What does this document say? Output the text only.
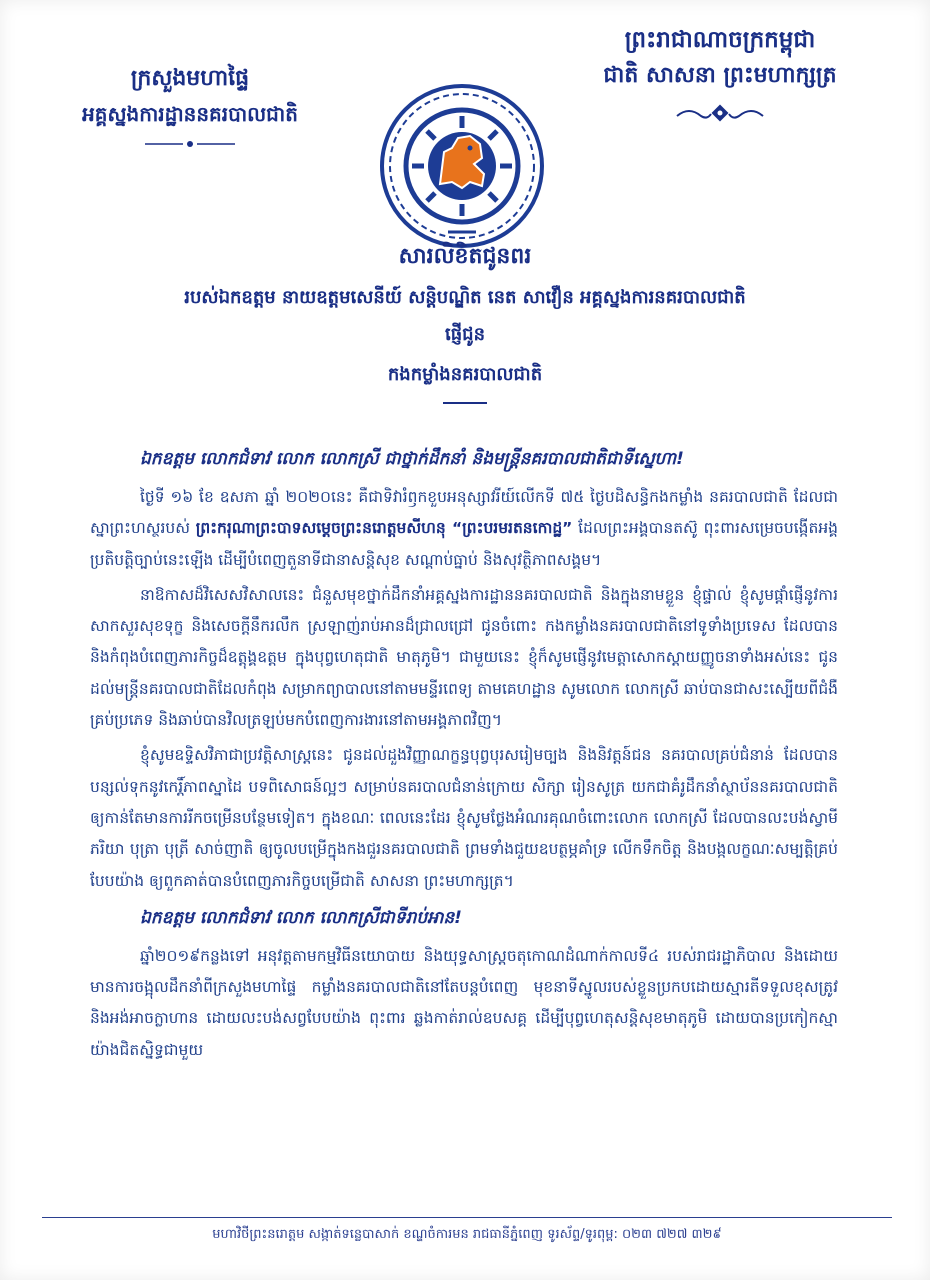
ក្រសួងមហាផ្ទៃ
អគ្គស្នងការដ្ឋាននគរបាលជាតិ
ព្រះរាជាណាចក្រកម្ពុជា
ជាតិ សាសនា ព្រះមហាក្សត្រ
សារលិខិតជូនពរ
របស់ឯកឧត្តម នាយឧត្តមសេនីយ៍ សន្តិបណ្ឌិត នេត សាវឿន អគ្គស្នងការនគរបាលជាតិ
ផ្ញើជូន
កងកម្លាំងនគរបាលជាតិ
ឯកឧត្តម លោកជំទាវ លោក លោកស្រី ជាថ្នាក់ដឹកនាំ និងមន្ត្រីនគរបាលជាតិជាទីស្នេហា!

ថ្ងៃទី ១៦ ខែ ឧសភា ឆ្នាំ ២០២០នេះ គឺជាទិវារំឭកខួបអនុស្សាវរីយ៍លើកទី ៧៥ ថ្ងៃបដិសន្ធិកងកម្លាំង នគរបាលជាតិ ដែលជាស្នាព្រះហស្ថរបស់ ព្រះករុណាព្រះបាទសម្តេចព្រះនរោត្តមសីហនុ “ព្រះបរមរតនកោដ្ឋ” ដែលព្រះអង្គបានតស៊ូ ពុះពារសម្រេចបង្កើតអង្គប្រតិបត្តិច្បាប់នេះឡើង ដើម្បីបំពេញតួនាទីជានាសន្តិសុខ សណ្តាប់ធ្នាប់ និងសុវត្ថិភាពសង្គម។

នាឱកាសដ៏វិសេសវិសាលនេះ ជំនួសមុខថ្នាក់ដឹកនាំអគ្គស្នងការដ្ឋាននគរបាលជាតិ និងក្នុងនាមខ្លួន ខ្ញុំផ្ទាល់ ខ្ញុំសូមផ្តាំផ្ញើនូវការសាកសួរសុខទុក្ខ និងសេចក្តីនឹករលឹក ស្រឡាញ់រាប់អានដ៏ជ្រាលជ្រៅ ជូនចំពោះ កងកម្លាំងនគរបាលជាតិនៅទូទាំងប្រទេស ដែលបាននិងកំពុងបំពេញភារកិច្ចដ៏ឧត្តុង្គឧត្តម ក្នុងបុព្វហេតុជាតិ មាតុភូមិ។ ជាមួយនេះ ខ្ញុំក៏សូមផ្ញើនូវមេត្តាសោកស្តាយញ្ញូចនាទាំងអស់នេះ ជូនដល់មន្ត្រីនគរបាលជាតិដែលកំពុង សម្រាកព្យាបាលនៅតាមមន្ទីរពេទ្យ តាមគេហដ្ឋាន សូមលោក លោកស្រី ឆាប់បានជាសះស្បើយពីជំងឺគ្រប់ប្រភេទ និងឆាប់បានវិលត្រឡប់មកបំពេញការងារនៅតាមអង្គភាពវិញ។

ខ្ញុំសូមឧទ្ទិសវិភាជាប្រវត្តិសាស្ត្រនេះ ជូនដល់ដួងវិញ្ញាណក្ខន្ធបុព្វបុរសរៀមច្បង និងនិវត្តន៍ជន នគរបាលគ្រប់ជំនាន់ ដែលបានបន្សល់ទុកនូវកេរ្តិ៍ភាពស្នាដៃ បទពិសោធន៍ល្អៗ សម្រាប់នគរបាលជំនាន់ក្រោយ សិក្សា រៀនសូត្រ យកជាគំរូដឹកនាំស្ថាប័ននគរបាលជាតិឲ្យកាន់តែមានការរីកចម្រើនបន្ថែមទៀត។ ក្នុងខណៈ ពេលនេះដែរ ខ្ញុំសូមថ្លែងអំណរគុណចំពោះលោក លោកស្រី ដែលបានលះបង់ស្វាមី ភរិយា បុត្រា បុត្រី សាច់ញាតិ ឲ្យចូលបម្រើក្នុងកងជួរនគរបាលជាតិ ព្រមទាំងជួយឧបត្ថម្ភគាំទ្រ លើកទឹកចិត្ត និងបង្កលក្ខណៈសម្បត្តិគ្រប់ បែបយ៉ាង ឲ្យពួកគាត់បានបំពេញភារកិច្ចបម្រើជាតិ សាសនា ព្រះមហាក្សត្រ។

ឯកឧត្តម លោកជំទាវ លោក លោកស្រីជាទីរាប់អាន!

ឆ្នាំ២០១៩កន្លងទៅ អនុវត្តតាមកម្មវិធីនយោបាយ និងយុទ្ធសាស្ត្រចតុកោណដំណាក់កាលទី៤ របស់រាជរដ្ឋាភិបាល និងដោយមានការចង្អុលដឹកនាំពីក្រសួងមហាផ្ទៃ កម្លាំងនគរបាលជាតិនៅតែបន្តបំពេញ មុខនាទីស្នូលរបស់ខ្លួនប្រកបដោយស្មារតីទទួលខុសត្រូវ និងអង់អាចក្លាហាន ដោយលះបង់សព្វបែបយ៉ាង ពុះពារ ឆ្លងកាត់រាល់ឧបសគ្គ ដើម្បីបុព្វហេតុសន្តិសុខមាតុភូមិ ដោយបានប្រកៀកស្មាយ៉ាងជិតស្និទ្ធជាមួយ

មហាវិថីព្រះនរោត្តម សង្កាត់ទន្លេបាសាក់ ខណ្ឌចំការមន រាជធានីភ្នំពេញ ទូរស័ព្ទ/ទូរពុម្ព: ០២៣ ៧២៧ ៣២៩
